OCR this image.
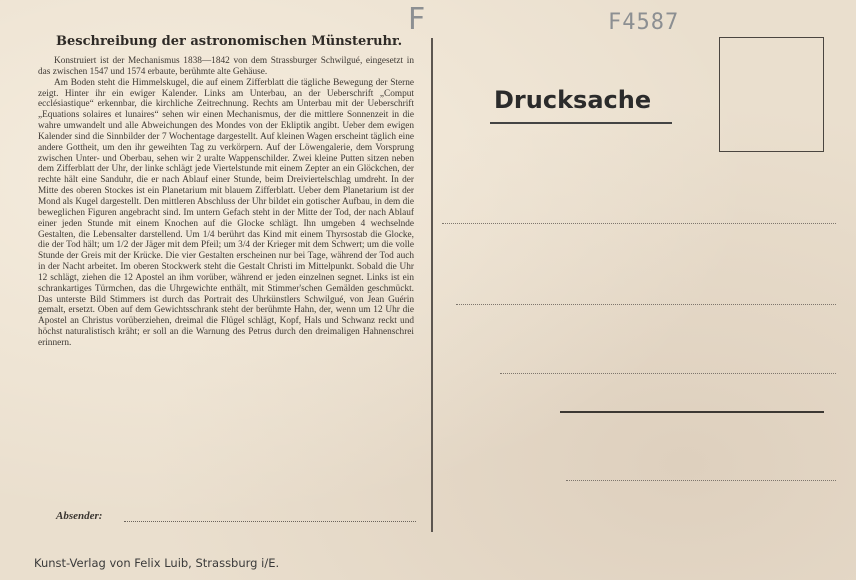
F	F4587
Beschreibung der astronomischen Münsteruhr.

Konstruiert ist der Mechanismus 1838—1842 von dem Strassburger Schwilgué, eingesetzt in das zwischen 1547 und 1574 erbaute, berühmte alte Gehäuse.

Am Boden steht die Himmelskugel, die auf einem Zifferblatt die tägliche Bewegung der Sterne zeigt. Hinter ihr ein ewiger Kalender. Links am Unterbau, an der Ueberschrift „Comput ecclésiastique“ erkennbar, die kirchliche Zeitrechnung. Rechts am Unterbau mit der Ueberschrift „Equations solaires et lunaires“ sehen wir einen Mechanismus, der die mittlere Sonnenzeit in die wahre umwandelt und alle Abweichungen des Mondes von der Ekliptik angibt. Ueber dem ewigen Kalender sind die Sinnbilder der 7 Wochentage dargestellt. Auf kleinen Wagen erscheint täglich eine andere Gottheit, um den ihr geweihten Tag zu verkörpern. Auf der Löwengalerie, dem Vorsprung zwischen Unter- und Oberbau, sehen wir 2 uralte Wappenschilder. Zwei kleine Putten sitzen neben dem Zifferblatt der Uhr, der linke schlägt jede Viertelstunde mit einem Zepter an ein Glöckchen, der rechte hält eine Sanduhr, die er nach Ablauf einer Stunde, beim Dreiviertelschlag umdreht. In der Mitte des oberen Stockes ist ein Planetarium mit blauem Zifferblatt. Ueber dem Planetarium ist der Mond als Kugel dargestellt. Den mittleren Abschluss der Uhr bildet ein gotischer Aufbau, in dem die beweglichen Figuren angebracht sind. Im untern Gefach steht in der Mitte der Tod, der nach Ablauf einer jeden Stunde mit einem Knochen auf die Glocke schlägt. Ihn umgeben 4 wechselnde Gestalten, die Lebensalter darstellend. Um 1/4 berührt das Kind mit einem Thyrsostab die Glocke, die der Tod hält; um 1/2 der Jäger mit dem Pfeil; um 3/4 der Krieger mit dem Schwert; um die volle Stunde der Greis mit der Krücke. Die vier Gestalten erscheinen nur bei Tage, während der Tod auch in der Nacht arbeitet. Im oberen Stockwerk steht die Gestalt Christi im Mittelpunkt. Sobald die Uhr 12 schlägt, ziehen die 12 Apostel an ihm vorüber, während er jeden einzelnen segnet. Links ist ein schrankartiges Türmchen, das die Uhrgewichte enthält, mit Stimmer'schen Gemälden geschmückt. Das unterste Bild Stimmers ist durch das Portrait des Uhrkünstlers Schwilgué, von Jean Guérin gemalt, ersetzt. Oben auf dem Gewichtsschrank steht der berühmte Hahn, der, wenn um 12 Uhr die Apostel an Christus vorüberziehen, dreimal die Flügel schlägt, Kopf, Hals und Schwanz reckt und höchst naturalistisch kräht; er soll an die Warnung des Petrus durch den dreimaligen Hahnenschrei erinnern.

Absender:
Kunst-Verlag von Felix Luib, Strassburg i/E.
Drucksache
